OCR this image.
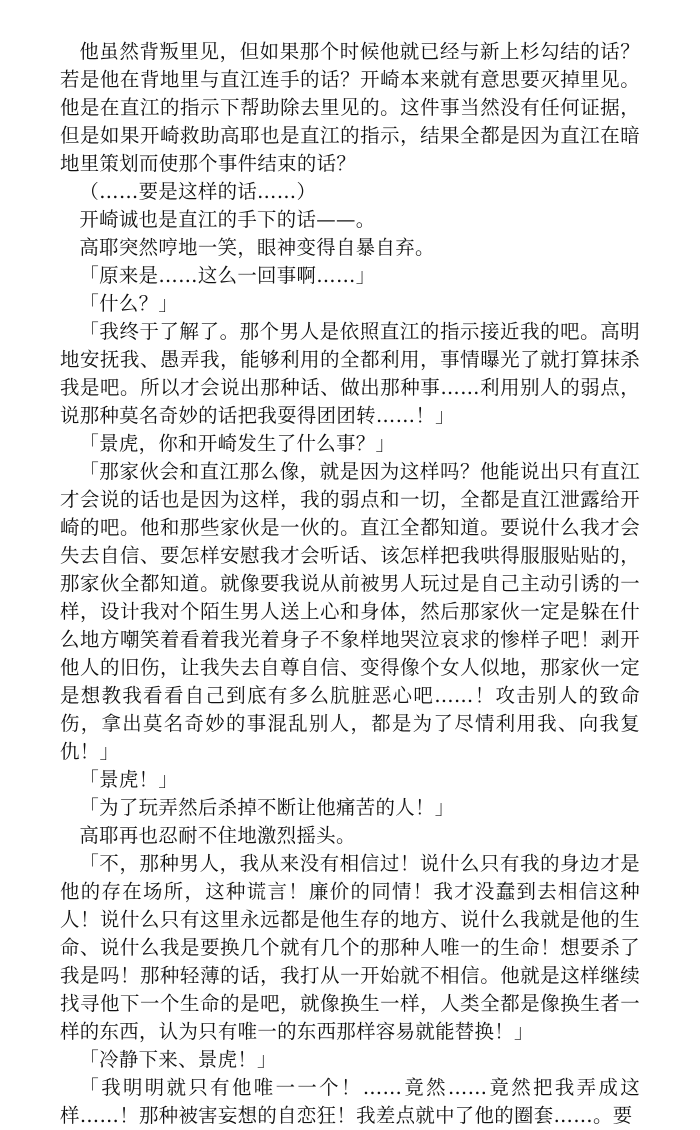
他虽然背叛里见，但如果那个时候他就已经与新上杉勾结的话？若是他在背地里与直江连手的话？开崎本来就有意思要灭掉里见。他是在直江的指示下帮助除去里见的。这件事当然没有任何证据，但是如果开崎救助高耶也是直江的指示，结果全都是因为直江在暗地里策划而使那个事件结束的话？

（……要是这样的话……）

开崎诚也是直江的手下的话——。

高耶突然哼地一笑，眼神变得自暴自弃。

「原来是……这么一回事啊……」

「什么？」

「我终于了解了。那个男人是依照直江的指示接近我的吧。高明地安抚我、愚弄我，能够利用的全都利用，事情曝光了就打算抹杀我是吧。所以才会说出那种话、做出那种事……利用别人的弱点，说那种莫名奇妙的话把我耍得团团转……！」

「景虎，你和开崎发生了什么事？」

「那家伙会和直江那么像，就是因为这样吗？他能说出只有直江才会说的话也是因为这样，我的弱点和一切，全都是直江泄露给开崎的吧。他和那些家伙是一伙的。直江全都知道。要说什么我才会失去自信、要怎样安慰我才会听话、该怎样把我哄得服服贴贴的，那家伙全都知道。就像要我说从前被男人玩过是自己主动引诱的一样，设计我对个陌生男人送上心和身体，然后那家伙一定是躲在什么地方嘲笑着看着我光着身子不象样地哭泣哀求的惨样子吧！剥开他人的旧伤，让我失去自尊自信、变得像个女人似地，那家伙一定是想教我看看自己到底有多么肮脏恶心吧……！攻击别人的致命伤，拿出莫名奇妙的事混乱别人，都是为了尽情利用我、向我复仇！」

「景虎！」

「为了玩弄然后杀掉不断让他痛苦的人！」

高耶再也忍耐不住地激烈摇头。

「不，那种男人，我从来没有相信过！说什么只有我的身边才是他的存在场所，这种谎言！廉价的同情！我才没蠢到去相信这种人！说什么只有这里永远都是他生存的地方、说什么我就是他的生命、说什么我是要换几个就有几个的那种人唯一的生命！想要杀了我是吗！那种轻薄的话，我打从一开始就不相信。他就是这样继续找寻他下一个生命的是吧，就像换生一样，人类全都是像换生者一样的东西，认为只有唯一的东西那样容易就能替换！」

「冷静下来、景虎！」

「我明明就只有他唯一一个！……竟然……竟然把我弄成这样……！那种被害妄想的自恋狂！我差点就中了他的圈套……。要
